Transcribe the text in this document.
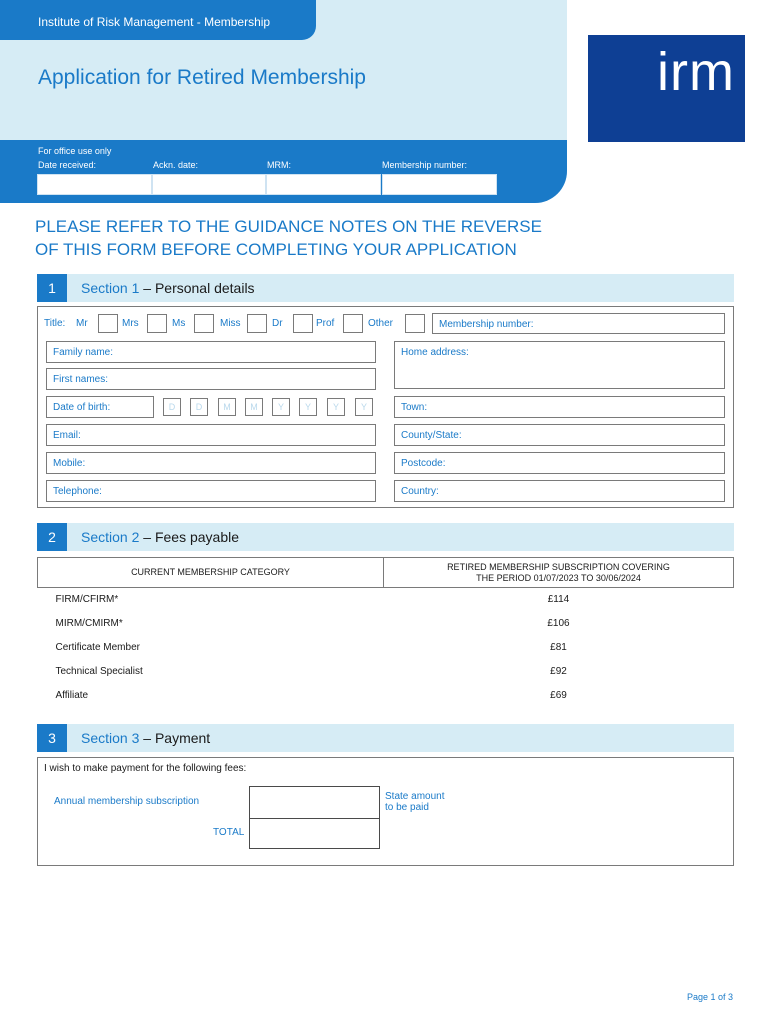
Institute of Risk Management - Membership
Application for Retired Membership	irm
For office use only
Date received:	Ackn. date:	MRM:	Membership number:
PLEASE REFER TO THE GUIDANCE NOTES ON THE REVERSE
OF THIS FORM BEFORE COMPLETING YOUR APPLICATION
1	Section 1 – Personal details
Title: Mr	Mrs	Ms	Miss	Dr	Prof	Other	Membership number:
Family name:	Home address:
First names:
Date of birth:	D	D	M	M	Y	Y	Y	Y	Town:
Email:	County/State:
Mobile:	Postcode:
Telephone:	Country:
2	Section 2 – Fees payable
CURRENT MEMBERSHIP CATEGORY	RETIRED MEMBERSHIP SUBSCRIPTION COVERING
THE PERIOD 01/07/2023 TO 30/06/2024

FIRM/CFIRM*	£114
MIRM/CMIRM*	£106
Certificate Member	£81
Technical Specialist	£92
Affiliate	£69
3	Section 3 – Payment
I wish to make payment for the following fees:
Annual membership subscription
TOTAL
State amount
to be paid
Page 1 of 3
